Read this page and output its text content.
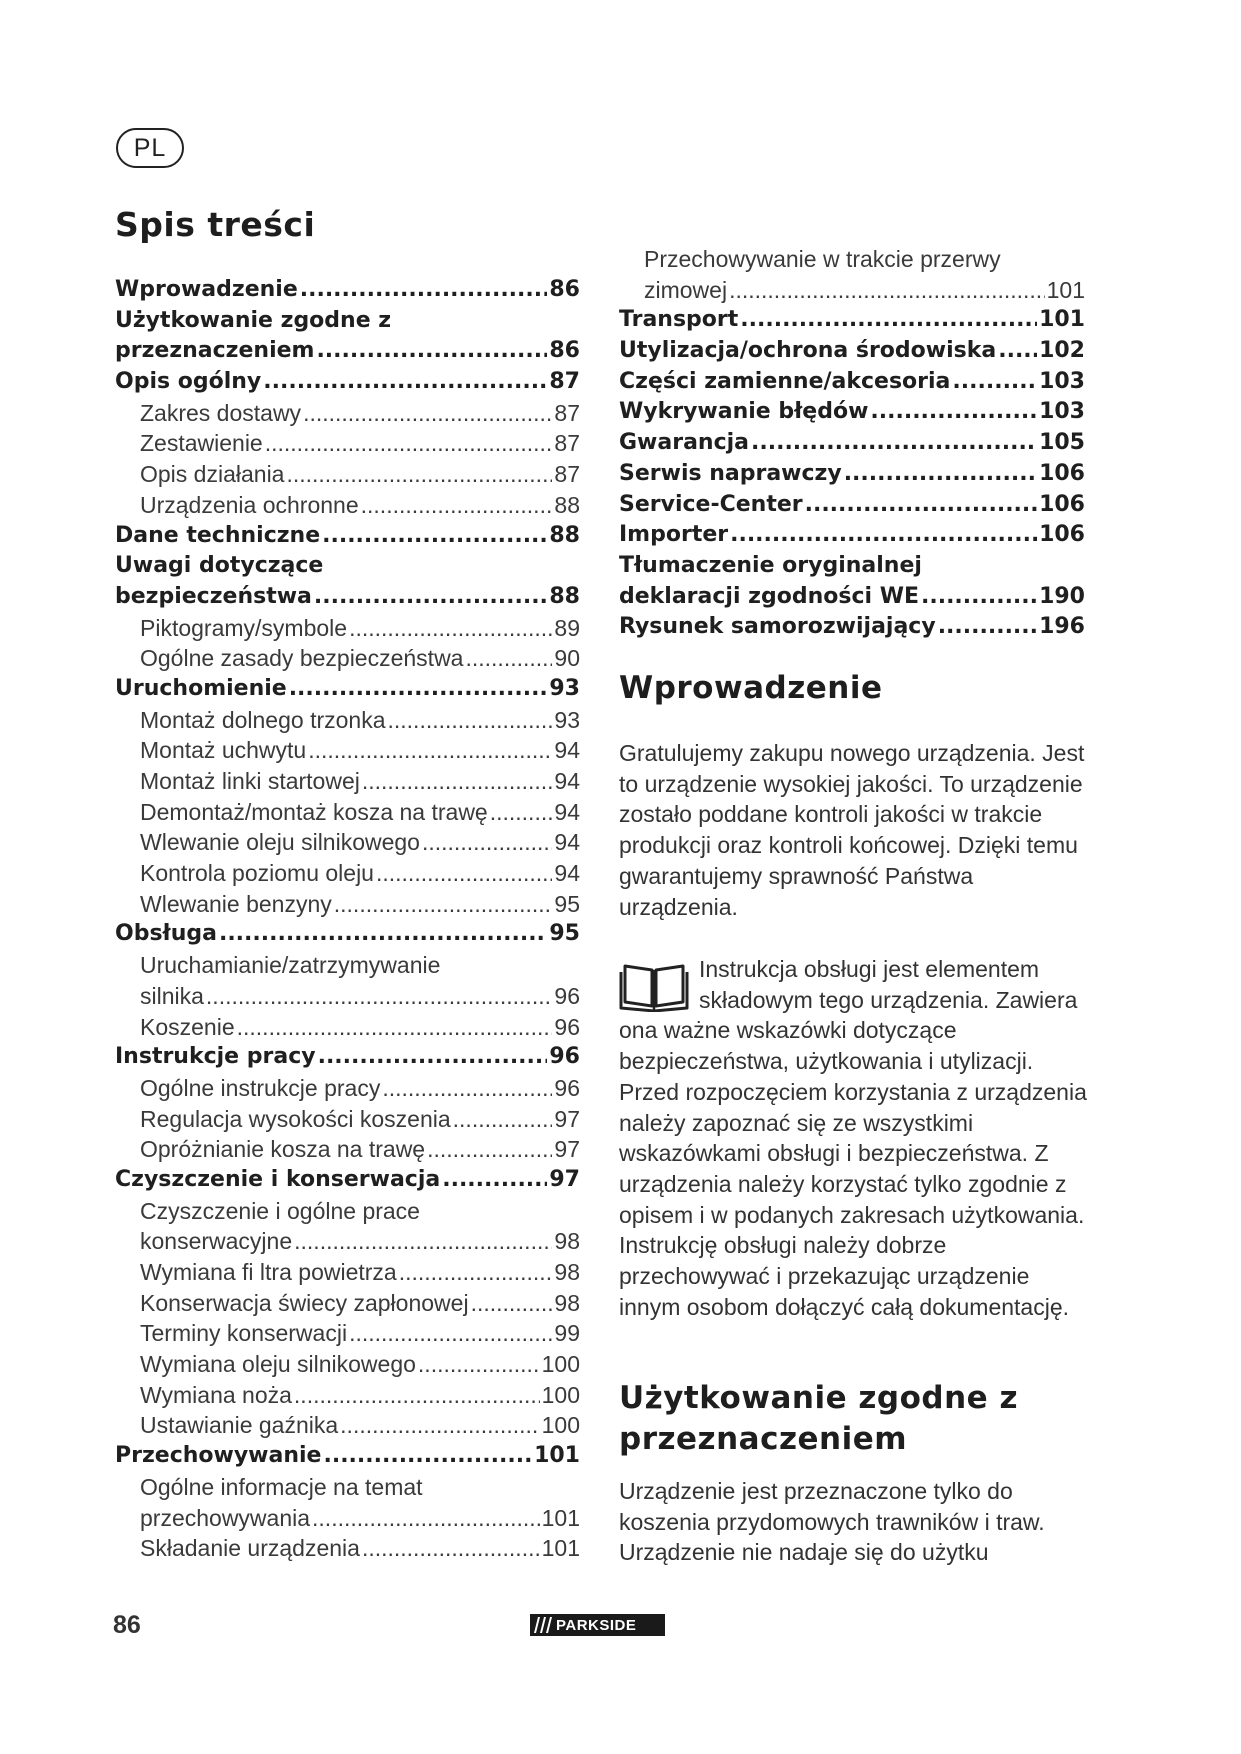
PL
Spis treści
Wprowadzenie .....	86
Użytkowanie zgodne z
przeznaczeniem .....	86
Opis ogólny .....	87
Zakres dostawy .....	87
Zestawienie .....	87
Opis działania .....	87
Urządzenia ochronne .....	88
Dane techniczne .....	88
Uwagi dotyczące
bezpieczeństwa .....	88
Piktogramy/symbole .....	89
Ogólne zasady bezpieczeństwa .....	90
Uruchomienie .....	93
Montaż dolnego trzonka .....	93
Montaż uchwytu .....	94
Montaż linki startowej .....	94
Demontaż/montaż kosza na trawę .....	94
Wlewanie oleju silnikowego .....	94
Kontrola poziomu oleju .....	94
Wlewanie benzyny .....	95
Obsługa .....	95
Uruchamianie/zatrzymywanie
silnika .....	96
Koszenie .....	96
Instrukcje pracy .....	96
Ogólne instrukcje pracy .....	96
Regulacja wysokości koszenia .....	97
Opróżnianie kosza na trawę .....	97
Czyszczenie i konserwacja .....	97
Czyszczenie i ogólne prace
konserwacyjne .....	98
Wymiana fi ltra powietrza .....	98
Konserwacja świecy zapłonowej .....	98
Terminy konserwacji .....	99
Wymiana oleju silnikowego .....	100
Wymiana noża .....	100
Ustawianie gaźnika .....	100
Przechowywanie .....	101
Ogólne informacje na temat
przechowywania .....	101
Składanie urządzenia .....	101
Przechowywanie w trakcie przerwy
zimowej .....	101
Transport .....	101
Utylizacja/ochrona środowiska ..... 102
Części zamienne/akcesoria .....	103
Wykrywanie błędów .....	103
Gwarancja .....	105
Serwis naprawczy .....	106
Service-Center .....	106
Importer .....	106
Tłumaczenie oryginalnej
deklaracji zgodności WE .....	190
Rysunek samorozwijający .....	196
Wprowadzenie

Gratulujemy zakupu nowego urządzenia. Jest to urządzenie wysokiej jakości. To urządzenie zostało poddane kontroli jakości w trakcie produkcji oraz kontroli końcowej. Dzięki temu gwarantujemy sprawność Państwa urządzenia.

Instrukcja obsługi jest elementem składowym tego urządzenia. Zawiera ona ważne wskazówki dotyczące bezpieczeństwa, użytkowania i utylizacji. Przed rozpoczęciem korzystania z urządzenia należy zapoznać się ze wszystkimi wskazówkami obsługi i bezpieczeństwa. Z urządzenia należy korzystać tylko zgodnie z opisem i w podanych zakresach użytkowania. Instrukcję obsługi należy dobrze przechowywać i przekazując urządzenie innym osobom dołączyć całą dokumentację.
Użytkowanie zgodne z przeznaczeniem

Urządzenie jest przeznaczone tylko do koszenia przydomowych trawników i traw. Urządzenie nie nadaje się do użytku

86	PARKSIDE
